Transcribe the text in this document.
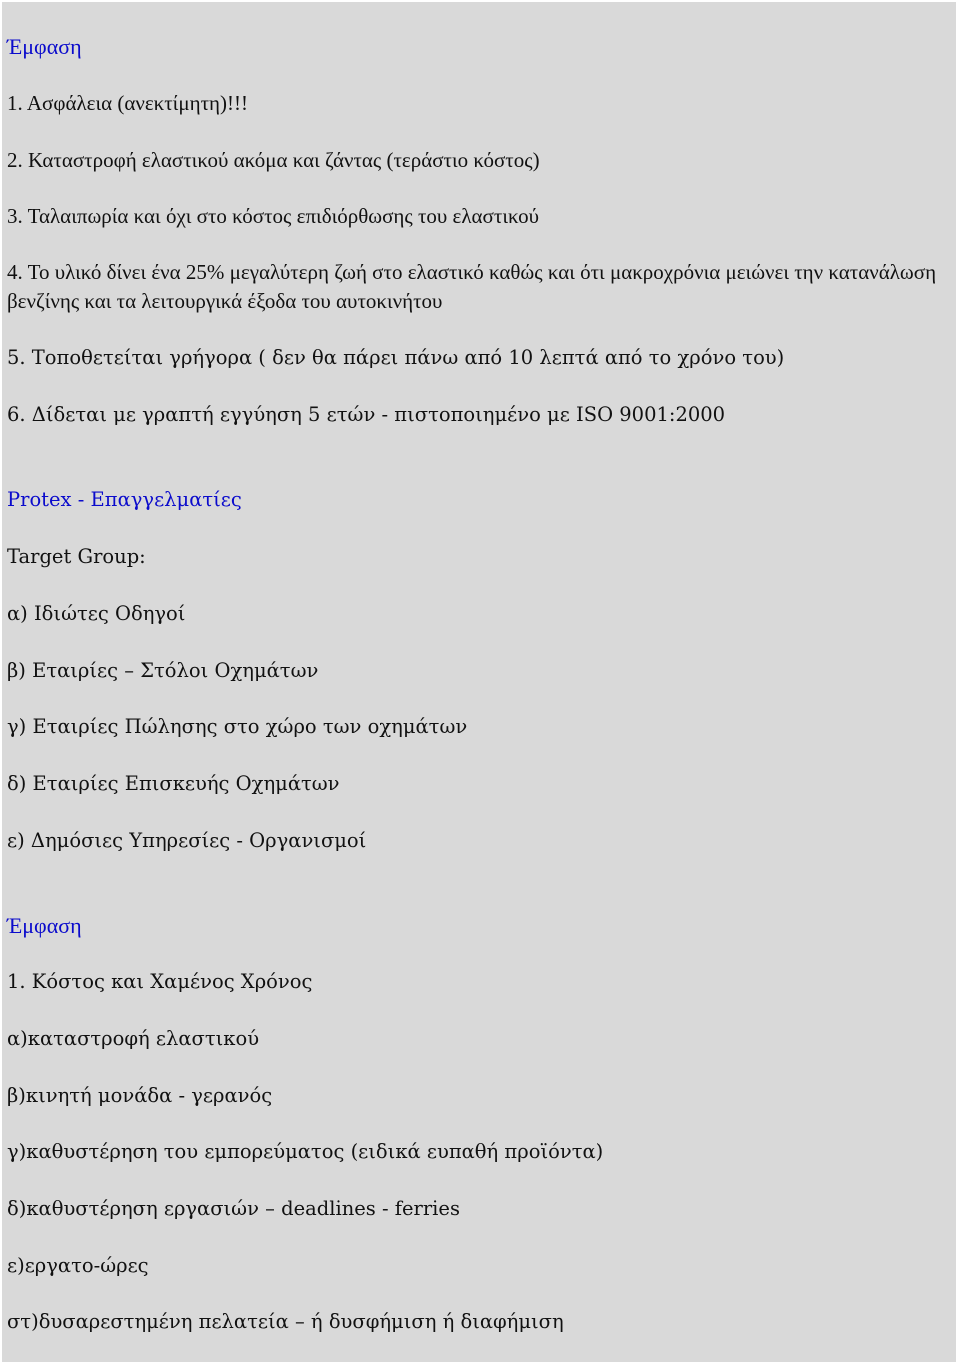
Έμφαση

1. Ασφάλεια (ανεκτίμητη)!!!

2. Καταστροφή ελαστικού ακόμα και ζάντας (τεράστιο κόστος)

3. Ταλαιπωρία και όχι στο κόστος επιδιόρθωσης του ελαστικού

4. Το υλικό δίνει ένα 25% μεγαλύτερη ζωή στο ελαστικό καθώς και ότι μακροχρόνια μειώνει την κατανάλωση βενζίνης και τα λειτουργικά έξοδα του αυτοκινήτου

5. Τοποθετείται γρήγορα ( δεν θα πάρει πάνω από 10 λεπτά από το χρόνο του)

6. Δίδεται με γραπτή εγγύηση 5 ετών - πιστοποιημένο με ISO 9001:2000

Protex - Επαγγελματίες

Target Group:

α) Ιδιώτες Οδηγοί

β) Εταιρίες – Στόλοι Οχημάτων

γ) Εταιρίες Πώλησης στο χώρο των οχημάτων

δ) Εταιρίες Επισκευής Οχημάτων

ε) Δημόσιες Υπηρεσίες - Οργανισμοί

Έμφαση

1. Κόστος και Χαμένος Χρόνος

α)καταστροφή ελαστικού

β)κινητή μονάδα - γερανός

γ)καθυστέρηση του εμπορεύματος (ειδικά ευπαθή προϊόντα)

δ)καθυστέρηση εργασιών – deadlines - ferries

ε)εργατο-ώρες

στ)δυσαρεστημένη πελατεία – ή δυσφήμιση ή διαφήμιση
